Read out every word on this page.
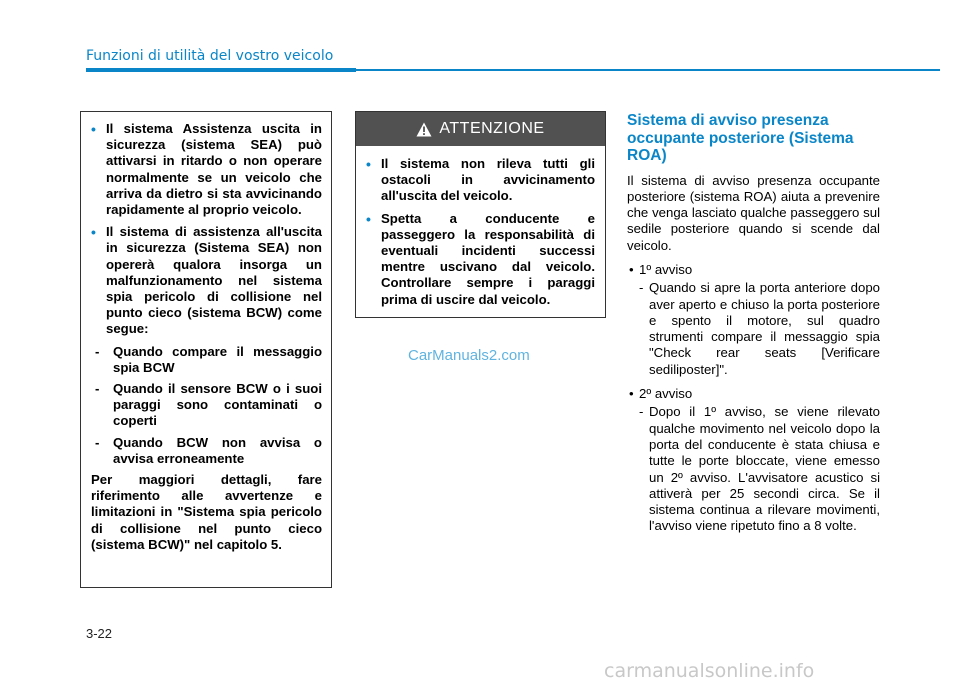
Funzioni di utilità del vostro veicolo
• Il sistema Assistenza uscita in sicurezza (sistema SEA) può attivarsi in ritardo o non operare normalmente se un veicolo che arriva da dietro si sta avvicinando rapidamente al proprio veicolo.
• Il sistema di assistenza all'uscita in sicurezza (Sistema SEA) non opererà qualora insorga un malfunzionamento nel sistema spia pericolo di collisione nel punto cieco (sistema BCW) come segue:
- Quando compare il messaggio spia BCW
- Quando il sensore BCW o i suoi paraggi sono contaminati o coperti
- Quando BCW non avvisa o avvisa erroneamente
Per maggiori dettagli, fare riferimento alle avvertenze e limitazioni in "Sistema spia pericolo di collisione nel punto cieco (sistema BCW)" nel capitolo 5.
ATTENZIONE
• Il sistema non rileva tutti gli ostacoli in avvicinamento all'uscita del veicolo.
• Spetta a conducente e passeggero la responsabilità di eventuali incidenti successi mentre uscivano dal veicolo. Controllare sempre i paraggi prima di uscire dal veicolo.
CarManuals2.com
Sistema di avviso presenza occupante posteriore (Sistema ROA)
Il sistema di avviso presenza occupante posteriore (sistema ROA) aiuta a prevenire che venga lasciato qualche passeggero sul sedile posteriore quando si scende dal veicolo.
• 1º avviso
- Quando si apre la porta anteriore dopo aver aperto e chiuso la porta posteriore e spento il motore, sul quadro strumenti compare il messaggio spia "Check rear seats [Verificare sediliposter]".
• 2º avviso
- Dopo il 1º avviso, se viene rilevato qualche movimento nel veicolo dopo la porta del conducente è stata chiusa e tutte le porte bloccate, viene emesso un 2º avviso. L'avvisatore acustico si attiverà per 25 secondi circa. Se il sistema continua a rilevare movimenti, l'avviso viene ripetuto fino a 8 volte.
3-22
carmanualsonline.info
